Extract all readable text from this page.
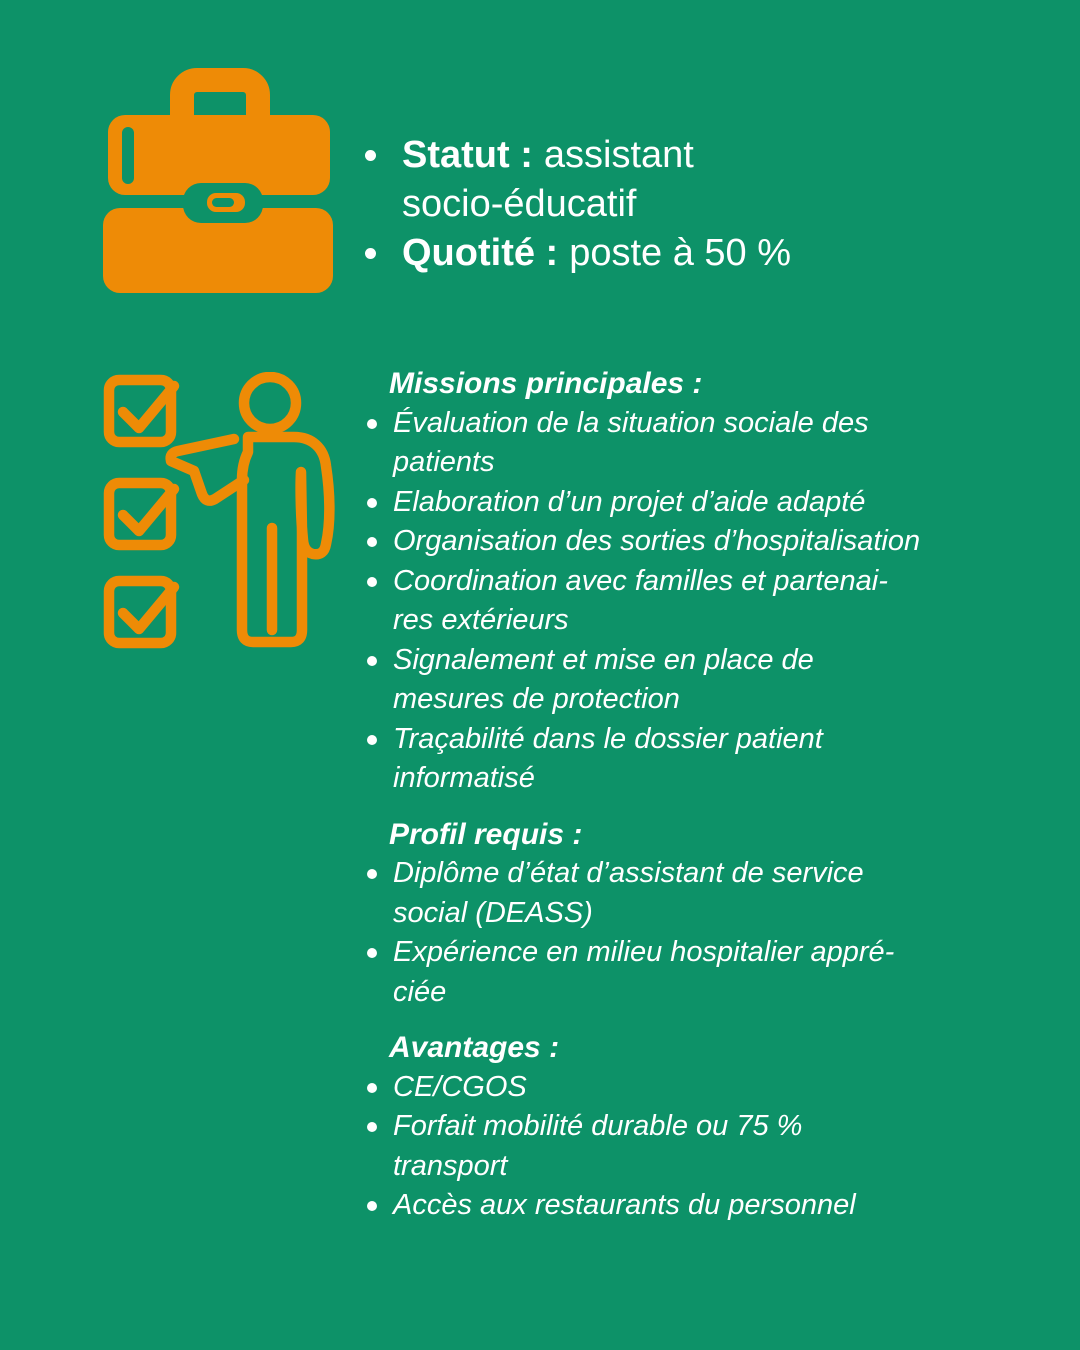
Statut : assistant
socio-éducatif
Quotité : poste à 50 %
Missions principales :
Évaluation de la situation sociale des
patients
Elaboration d’un projet d’aide adapté
Organisation des sorties d’hospitalisation
Coordination avec familles et partenai-
res extérieurs
Signalement et mise en place de
mesures de protection
Traçabilité dans le dossier patient
informatisé
Profil requis :
Diplôme d’état d’assistant de service
social (DEASS)
Expérience en milieu hospitalier appré-
ciée
Avantages :
CE/CGOS
Forfait mobilité durable ou 75 %
transport
Accès aux restaurants du personnel
